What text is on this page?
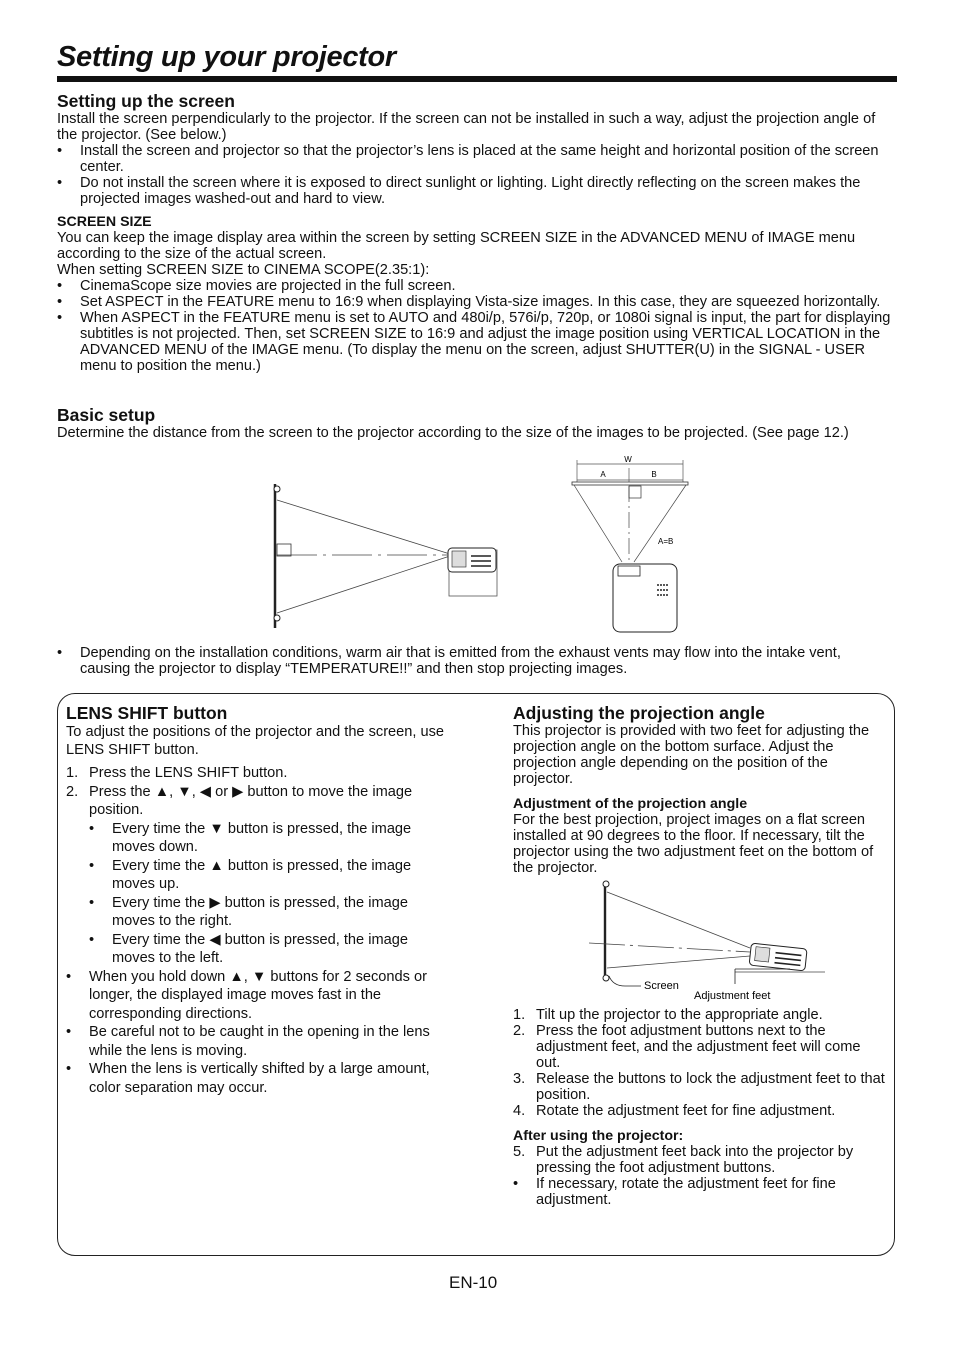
Setting up your projector
Setting up the screen

Install the screen perpendicularly to the projector. If the screen can not be installed in such a way, adjust the projection angle of the projector. (See below.)

• Install the screen and projector so that the projector’s lens is placed at the same height and horizontal position of the screen center.
• Do not install the screen where it is exposed to direct sunlight or lighting. Light directly reflecting on the screen makes the projected images washed-out and hard to view.
SCREEN SIZE

You can keep the image display area within the screen by setting SCREEN SIZE in the ADVANCED MENU of IMAGE menu according to the size of the actual screen.

When setting SCREEN SIZE to CINEMA SCOPE(2.35:1):

• CinemaScope size movies are projected in the full screen.
• Set ASPECT in the FEATURE menu to 16:9 when displaying Vista-size images. In this case, they are squeezed horizontally.
• When ASPECT in the FEATURE menu is set to AUTO and 480i/p, 576i/p, 720p, or 1080i signal is input, the part for displaying subtitles is not projected. Then, set SCREEN SIZE to 16:9 and adjust the image position using VERTICAL LOCATION in the ADVANCED MENU of the IMAGE menu. (To display the menu on the screen, adjust SHUTTER(U) in the SIGNAL - USER menu to position the menu.)
Basic setup

Determine the distance from the screen to the projector according to the size of the images to be projected. (See page 12.)

W
A	B
A=B
• Depending on the installation conditions, warm air that is emitted from the exhaust vents may flow into the intake vent, causing the projector to display “TEMPERATURE!!” and then stop projecting images.
LENS SHIFT button

To adjust the positions of the projector and the screen, use LENS SHIFT button.

1. Press the LENS SHIFT button.
2. Press the ▲, ▼, ◀ or ▶ button to move the image position.
• Every time the ▼ button is pressed, the image moves down.
• Every time the ▲ button is pressed, the image moves up.
• Every time the ▶ button is pressed, the image moves to the right.
• Every time the ◀ button is pressed, the image moves to the left.
• When you hold down ▲, ▼ buttons for 2 seconds or longer, the displayed image moves fast in the corresponding directions.
• Be careful not to be caught in the opening in the lens while the lens is moving.
• When the lens is vertically shifted by a large amount, color separation may occur.
Adjusting the projection angle

This projector is provided with two feet for adjusting the projection angle on the bottom surface. Adjust the projection angle depending on the position of the projector.

Adjustment of the projection angle

For the best projection, project images on a flat screen installed at 90 degrees to the floor. If necessary, tilt the projector using the two adjustment feet on the bottom of the projector.

Screen
Adjustment feet
1. Tilt up the projector to the appropriate angle.
2. Press the foot adjustment buttons next to the adjustment feet, and the adjustment feet will come out.
3. Release the buttons to lock the adjustment feet to that position.
4. Rotate the adjustment feet for fine adjustment.
After using the projector:
5. Put the adjustment feet back into the projector by pressing the foot adjustment buttons.
• If necessary, rotate the adjustment feet for fine adjustment.
EN-10
